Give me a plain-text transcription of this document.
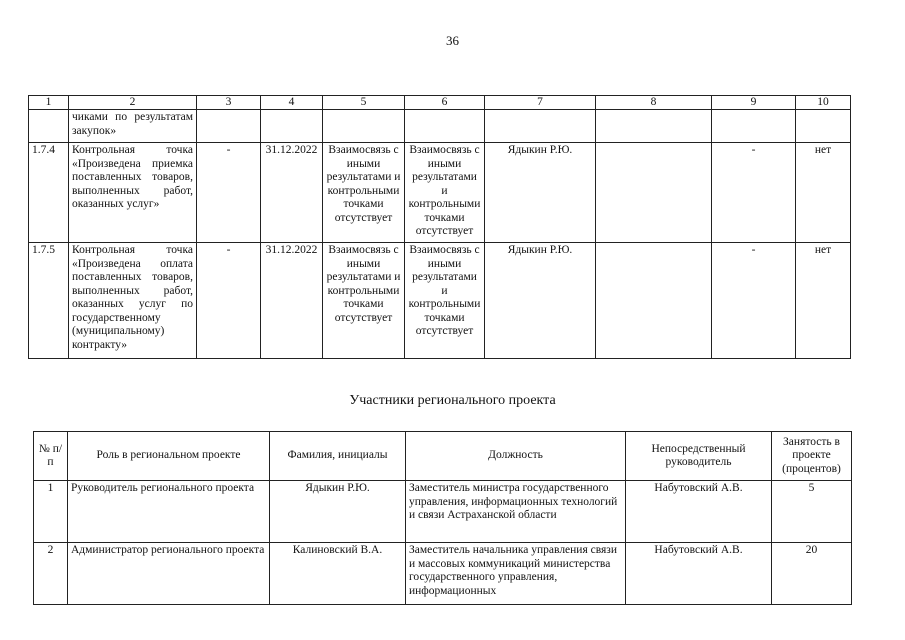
36
1	2	3	4	5	6	7	8	9	10
	чиками по результатам закупок»								
1.7.4	Контрольная точка «Произведена приемка поставленных товаров, выполненных работ, оказанных услуг»	-	31.12.2022	Взаимосвязь с иными результатами и контрольными точками отсутствует	Взаимосвязь с иными результатами и контрольными точками отсутствует	Ядыкин Р.Ю.		-	нет
1.7.5	Контрольная точка «Произведена оплата поставленных товаров, выполненных работ, оказанных услуг по государственному (муниципальному) контракту»	-	31.12.2022	Взаимосвязь с иными результатами и контрольными точками отсутствует	Взаимосвязь с иными результатами и контрольными точками отсутствует	Ядыкин Р.Ю.		-	нет
Участники регионального проекта
№ п/п	Роль в региональном проекте	Фамилия, инициалы	Должность	Непосредственный руководитель	Занятость в проекте (процентов)
1	Руководитель регионального проекта	Ядыкин Р.Ю.	Заместитель министра государственного управления, информационных технологий и связи Астраханской области	Набутовский А.В.	5
2	Администратор регионального проекта	Калиновский В.А.	Заместитель начальника управления связи и массовых коммуникаций министерства государственного управления, информационных	Набутовский А.В.	20
